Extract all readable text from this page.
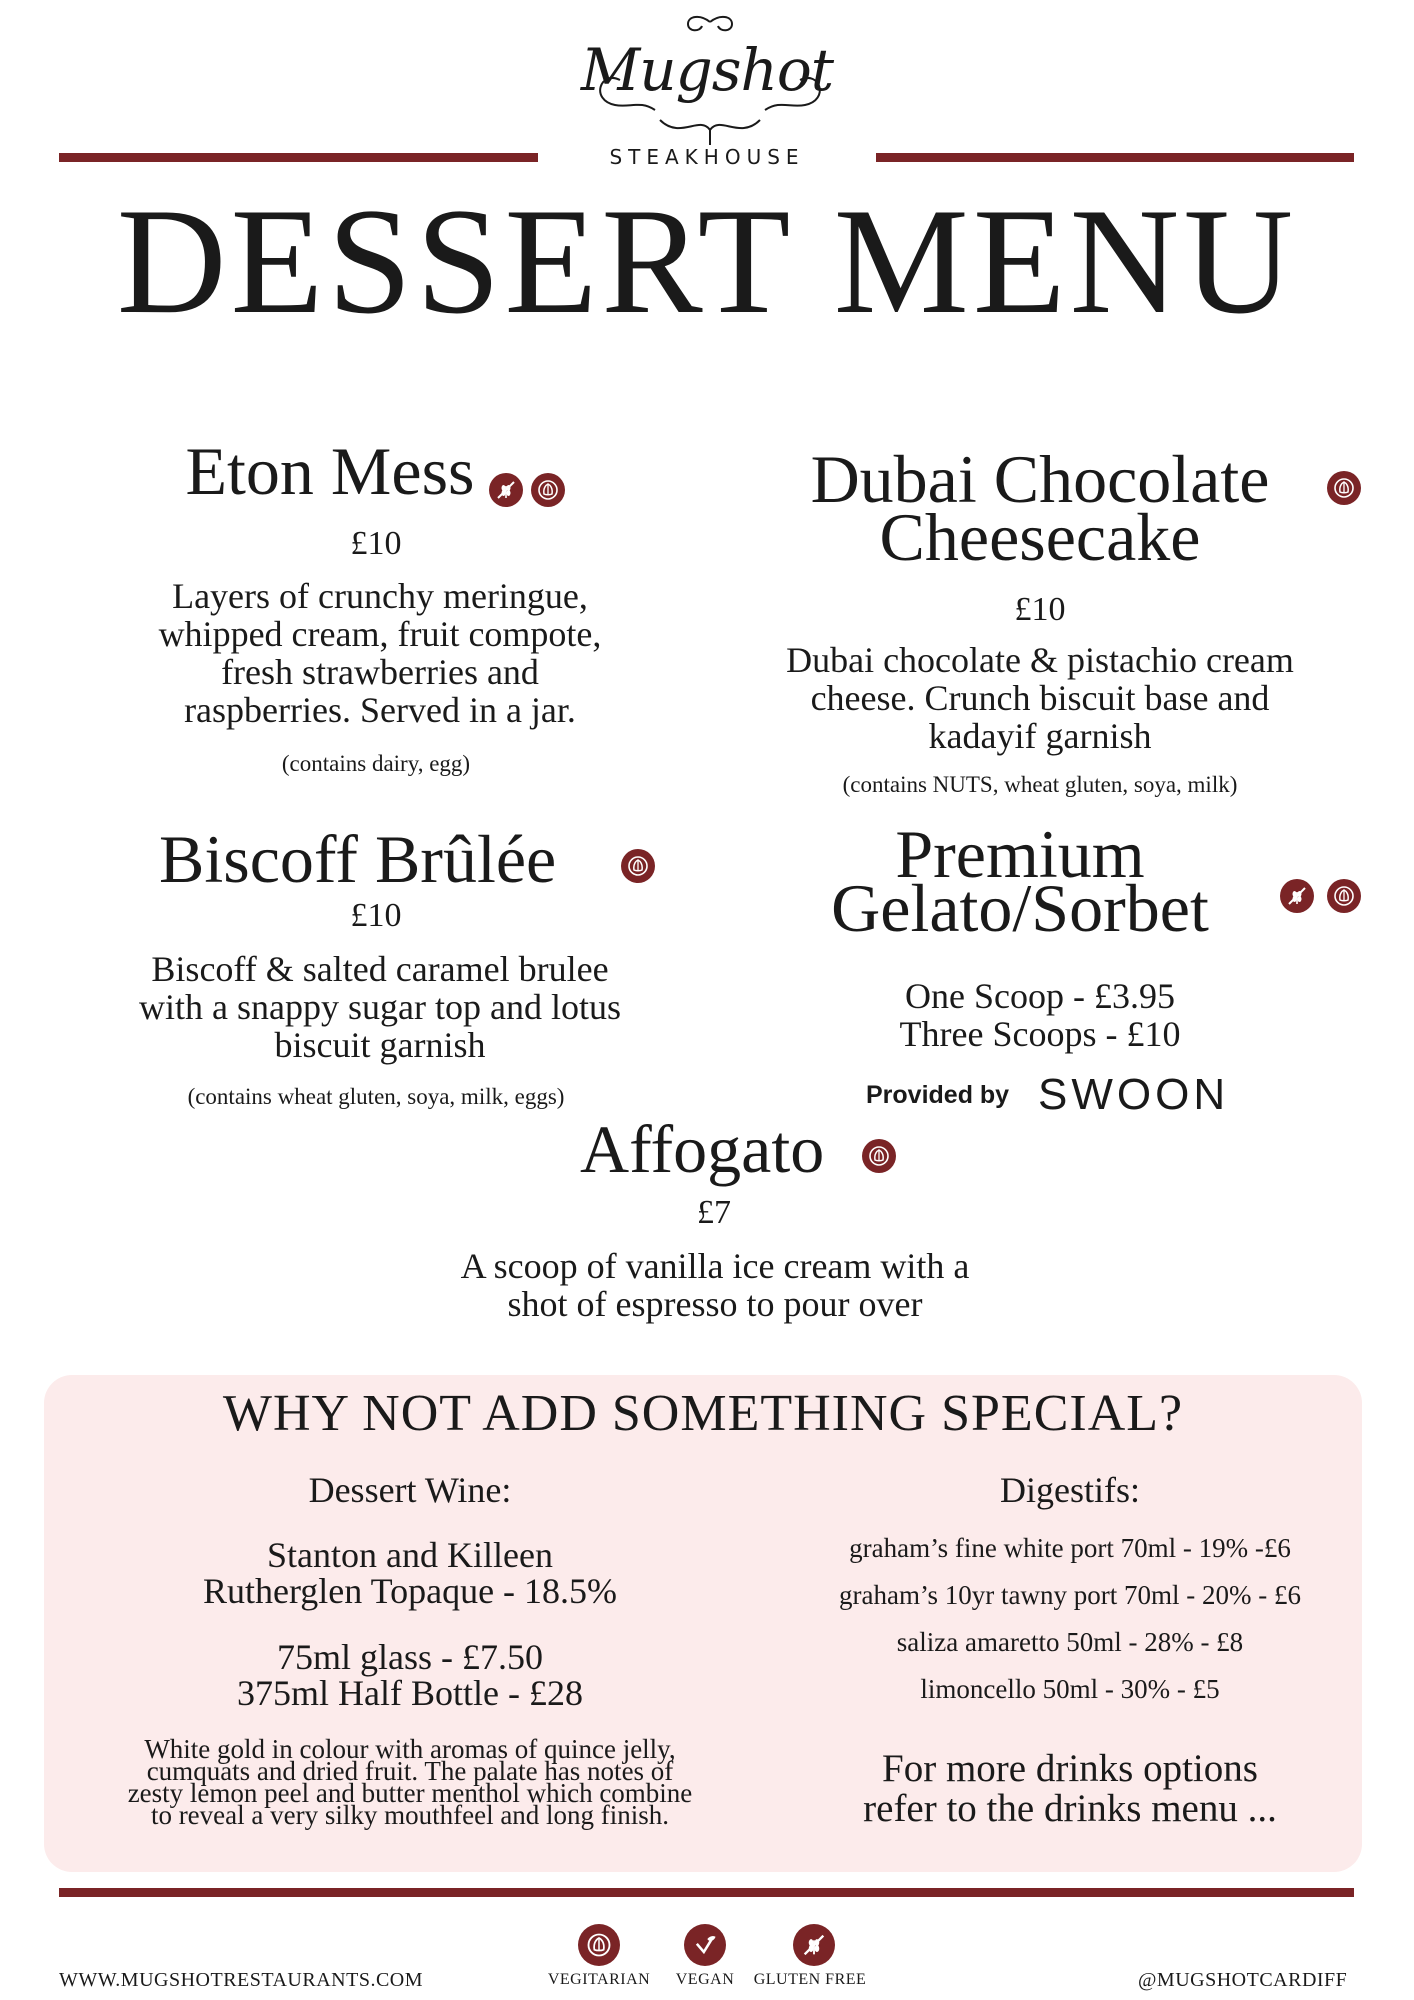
Mugshot
STEAKHOUSE
DESSERT MENU
Eton Mess

£10
Layers of crunchy meringue,
whipped cream, fruit compote,
fresh strawberries and
raspberries. Served in a jar.
(contains dairy, egg)
Dubai Chocolate
Cheesecake
£10
Dubai chocolate & pistachio cream
cheese. Crunch biscuit base and
kadayif garnish
(contains NUTS, wheat gluten, soya, milk)
Biscoff Brûlée
£10
Biscoff & salted caramel brulee
with a snappy sugar top and lotus
biscuit garnish
(contains wheat gluten, soya, milk, eggs)
Premium
Gelato/Sorbet
One Scoop - £3.95
Three Scoops - £10
Provided by SWOON
Affogato
£7
A scoop of vanilla ice cream with a
shot of espresso to pour over
WHY NOT ADD SOMETHING SPECIAL?
Dessert Wine:
Stanton and Killeen
Rutherglen Topaque - 18.5%
75ml glass - £7.50
375ml Half Bottle - £28
White gold in colour with aromas of quince jelly,
cumquats and dried fruit. The palate has notes of
zesty lemon peel and butter menthol which combine
to reveal a very silky mouthfeel and long finish.
Digestifs:
graham’s fine white port 70ml - 19% -£6
graham’s 10yr tawny port 70ml - 20% - £6
saliza amaretto 50ml - 28% - £8
limoncello 50ml - 30% - £5
For more drinks options
refer to the drinks menu ...
WWW.MUGSHOTRESTAURANTS.COM	VEGITARIAN	VEGAN	GLUTEN FREE	@MUGSHOTCARDIFF
